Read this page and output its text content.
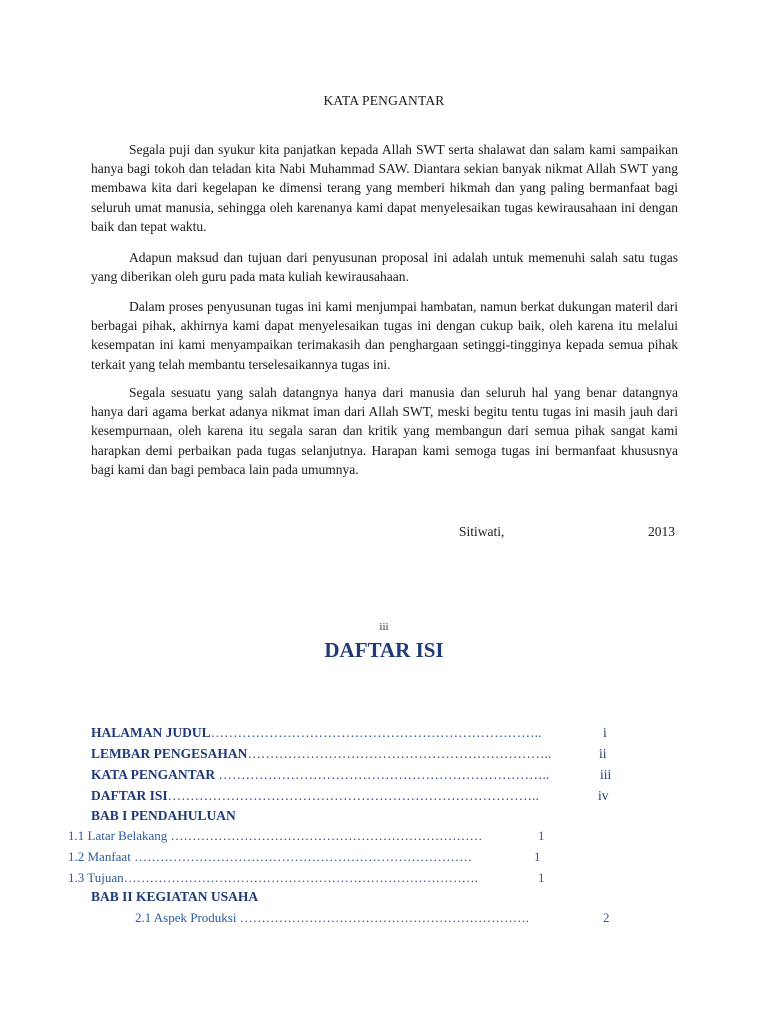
KATA PENGANTAR

Segala puji dan syukur kita panjatkan kepada Allah SWT serta shalawat dan salam kami sampaikan hanya bagi tokoh dan teladan kita Nabi Muhammad SAW. Diantara sekian banyak nikmat Allah SWT yang membawa kita dari kegelapan ke dimensi terang yang memberi hikmah dan yang paling bermanfaat bagi seluruh umat manusia, sehingga oleh karenanya kami dapat menyelesaikan tugas kewirausahaan ini dengan baik dan tepat waktu.

Adapun maksud dan tujuan dari penyusunan proposal ini adalah untuk memenuhi salah satu tugas yang diberikan oleh guru pada mata kuliah kewirausahaan.

Dalam proses penyusunan tugas ini kami menjumpai hambatan, namun berkat dukungan materil dari berbagai pihak, akhirnya kami dapat menyelesaikan tugas ini dengan cukup baik, oleh karena itu melalui kesempatan ini kami menyampaikan terimakasih dan penghargaan setinggi-tingginya kepada semua pihak terkait yang telah membantu terselesaikannya tugas ini.

Segala sesuatu yang salah datangnya hanya dari manusia dan seluruh hal yang benar datangnya hanya dari agama berkat adanya nikmat iman dari Allah SWT, meski begitu tentu tugas ini masih jauh dari kesempurnaan, oleh karena itu segala saran dan kritik yang membangun dari semua pihak sangat kami harapkan demi perbaikan pada tugas selanjutnya. Harapan kami semoga tugas ini bermanfaat khususnya bagi kami dan bagi pembaca lain pada umumnya.

Sitiwati,	2013
iii
DAFTAR ISI
HALAMAN JUDUL………………………………………………………………..	i
LEMBAR PENGESAHAN…………………………………………………………..	ii
KATA PENGANTAR ………………………………………………………………..	iii
DAFTAR ISI………………………………………………………………………..	iv
BAB I PENDAHULUAN
1.1 Latar Belakang ………………………………………………………………	1
1.2 Manfaat ……………………………………………………………………	1
1.3 Tujuan……………………………………………………………………….	1
BAB II KEGIATAN USAHA
2.1 Aspek Produksi ………………………………………………………….	2
